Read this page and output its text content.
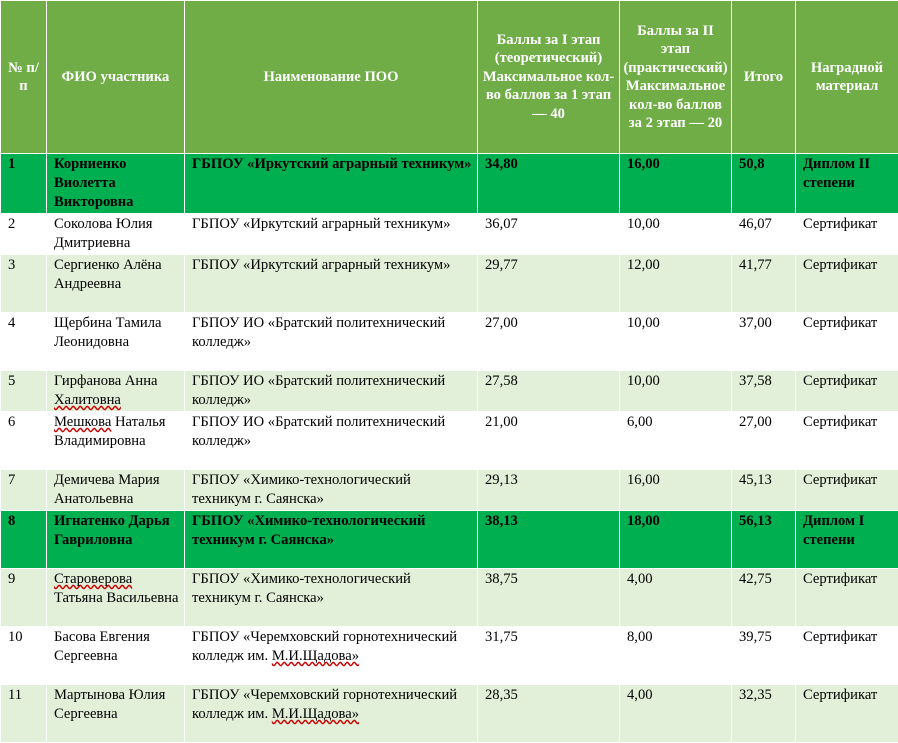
№ п/п	ФИО участника	Наименование ПОО	Баллы за I этап (теоретический) Максимальное кол-во баллов за 1 этап — 40	Баллы за II этап (практический) Максимальное кол-во баллов за 2 этап — 20	Итого	Наградной материал
1	Корниенко Виолетта Викторовна	ГБПОУ «Иркутский аграрный техникум»	34,80	16,00	50,8	Диплом II степени
2	Соколова Юлия Дмитриевна	ГБПОУ «Иркутский аграрный техникум»	36,07	10,00	46,07	Сертификат
3	Сергиенко Алёна Андреевна	ГБПОУ «Иркутский аграрный техникум»	29,77	12,00	41,77	Сертификат
4	Щербина Тамила Леонидовна	ГБПОУ ИО «Братский политехнический колледж»	27,00	10,00	37,00	Сертификат
5	Гирфанова Анна Халитовна	ГБПОУ ИО «Братский политехнический колледж»	27,58	10,00	37,58	Сертификат
6	Мешкова Наталья Владимировна	ГБПОУ ИО «Братский политехнический колледж»	21,00	6,00	27,00	Сертификат
7	Демичева Мария Анатольевна	ГБПОУ «Химико-технологический техникум г. Саянска»	29,13	16,00	45,13	Сертификат
8	Игнатенко Дарья Гавриловна	ГБПОУ «Химико-технологический техникум г. Саянска»	38,13	18,00	56,13	Диплом I степени
9	Староверова Татьяна Васильевна	ГБПОУ «Химико-технологический техникум г. Саянска»	38,75	4,00	42,75	Сертификат
10	Басова Евгения Сергеевна	ГБПОУ «Черемховский горнотехнический колледж им. М.И.Щадова»	31,75	8,00	39,75	Сертификат
11	Мартынова Юлия Сергеевна	ГБПОУ «Черемховский горнотехнический колледж им. М.И.Щадова»	28,35	4,00	32,35	Сертификат
